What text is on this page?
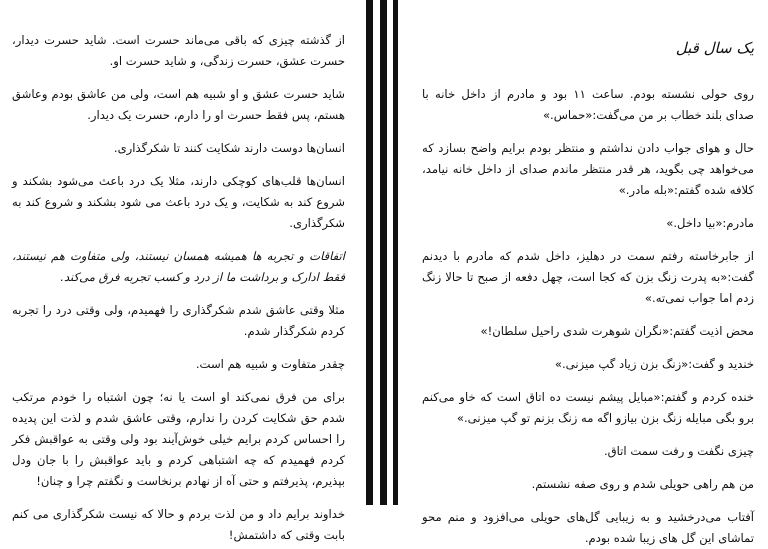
از گذشته چیزی که باقی می‌ماند حسرت است. شاید حسرت دیدار، حسرت عشق، حسرت زندگی، و شاید حسرت او.

شاید حسرت عشق و او شبیه هم است، ولی من عاشق بودم وعاشق هستم، پس فقط حسرت او را دارم، حسرت یک دیدار.

انسان‌ها دوست دارند شکایت کنند تا شکرگذاری.

انسان‌ها قلب‌های کوچکی دارند، مثلا یک درد باعث می‌شود بشکند و شروع کند به شکایت، و یک درد باعث می شود بشکند و شروع کند به شکرگذاری.

اتفاقات و تجربه ها همیشه همسان نیستند، ولی متفاوت هم نیستند، فقط ادارک و برداشت ما از درد و کسب تجربه فرق می‌کند.

مثلا وقتی عاشق شدم شکرگذاری را فهمیدم، ولی وقتی درد را تجربه کردم شکرگذار شدم.

چقدر متفاوت و شبیه هم است.

برای من فرق نمی‌کند او است یا نه؛ چون اشتباه را خودم مرتکب شدم حق شکایت کردن را ندارم، وقتی عاشق شدم و لذت این پدیده را احساس کردم برایم خیلی خوش‌آیند بود ولی وقتی به عواقبش فکر کردم فهمیدم که چه اشتباهی کردم و باید عواقبش را با جان ودل بپذیرم، پذیرفتم و حتی آه از نهادم برنخاست و نگفتم چرا و چنان!

خداوند برایم داد و من لذت بردم و حالا که نیست شکرگذاری می کنم بابت وقتی که داشتمش!

یک سال قبل

روی حولی نشسته بودم. ساعت ۱۱ بود و مادرم از داخل خانه با صدای بلند خطاب بر من می‌گفت:«حماس.»

حال و هوای جواب دادن نداشتم و منتظر بودم برایم واضح بسازد که می‌خواهد چی بگوید، هر قدر منتظر ماندم صدای از داخل خانه نیامد، کلافه شده گفتم:«بله مادر.»

مادرم:«بیا داخل.»

از جابرخاسته رفتم سمت در دهلیز، داخل شدم که مادرم با دیدنم گفت:«به پدرت زنگ بزن که کجا است، چهل دفعه از صبح تا حالا زنگ زدم اما جواب نمی‌ته.»

محض اذیت گفتم:«نگران شوهرت شدی راحیل سلطان!»

خندید و گفت:«زنگ بزن زیاد گپ میزنی.»

خنده کردم و گفتم:«مبایل پیشم نیست ده اتاق است که خاو می‌کنم برو بگی مبایله زنگ بزن بیازو اگه مه زنگ بزنم تو گپ میزنی.»

چیزی نگفت و رفت سمت اتاق.

من هم راهی حویلی شدم و روی صفه نشستم.

آفتاب می‌درخشید و به زیبایی گل‌های حویلی می‌افزود و منم محو تماشای این گل های زیبا شده بودم.
